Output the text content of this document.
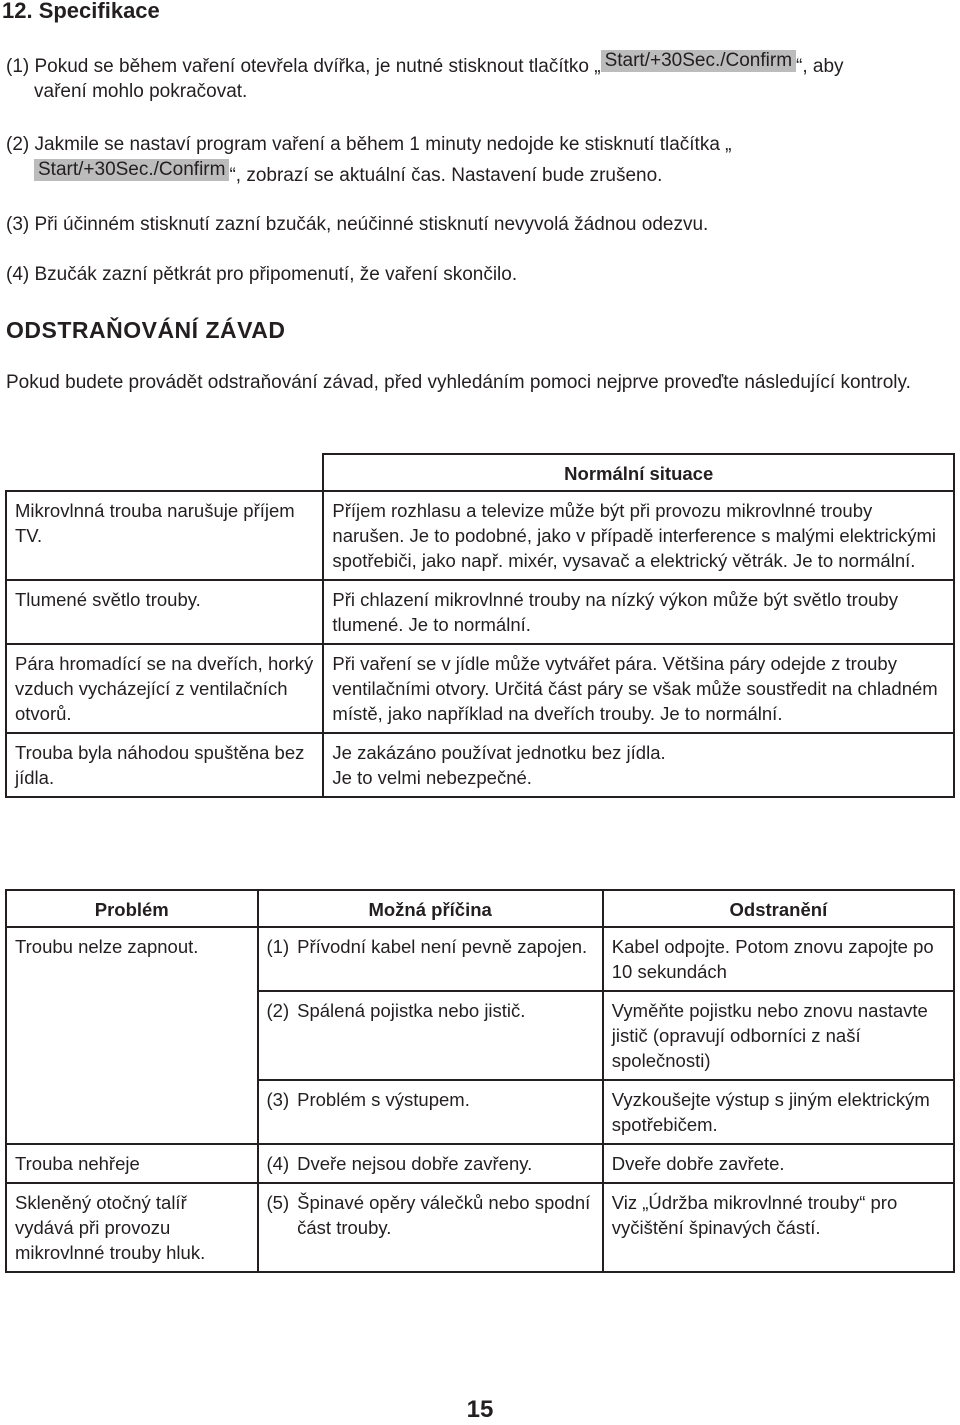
12. Specifikace
(1) Pokud se během vaření otevřela dvířka, je nutné stisknout tlačítko „ Start/+30Sec./Confirm “, aby
vaření mohlo pokračovat.
(2) Jakmile se nastaví program vaření a během 1 minuty nedojde ke stisknutí tlačítka „
Start/+30Sec./Confirm “, zobrazí se aktuální čas. Nastavení bude zrušeno.
(3) Při účinném stisknutí zazní bzučák, neúčinné stisknutí nevyvolá žádnou odezvu.
(4) Bzučák zazní pětkrát pro připomenutí, že vaření skončilo.
ODSTRAŇOVÁNÍ ZÁVAD
Pokud budete provádět odstraňování závad, před vyhledáním pomoci nejprve proveďte následující kontroly.
	Normální situace

Mikrovlnná trouba narušuje příjem TV.	Příjem rozhlasu a televize může být při provozu mikrovlnné trouby narušen. Je to podobné, jako v případě interference s malými elektrickými spotřebiči, jako např. mixér, vysavač a elektrický větrák. Je to normální.

Tlumené světlo trouby.	Při chlazení mikrovlnné trouby na nízký výkon může být světlo trouby tlumené. Je to normální.

Pára hromadící se na dveřích, horký vzduch vycházející z ventilačních otvorů.	Při vaření se v jídle může vytvářet pára. Většina páry odejde z trouby ventilačními otvory. Určitá část páry se však může soustředit na chladném místě, jako například na dveřích trouby. Je to normální.

Trouba byla náhodou spuštěna bez jídla.	Je zakázáno používat jednotku bez jídla.
Je to velmi nebezpečné.
Problém	Možná příčina	Odstranění

Troubu nelze zapnout.	(1) Přívodní kabel není pevně zapojen.	Kabel odpojte. Potom znovu zapojte po 10 sekundách

	(2) Spálená pojistka nebo jistič.	Vyměňte pojistku nebo znovu nastavte jistič (opravují odborníci z naší společnosti)

	(3) Problém s výstupem.	Vyzkoušejte výstup s jiným elektrickým spotřebičem.

Trouba nehřeje	(4) Dveře nejsou dobře zavřeny.	Dveře dobře zavřete.

Skleněný otočný talíř vydává při provozu mikrovlnné trouby hluk.	(5) Špinavé opěry válečků nebo spodní část trouby.	Viz „Údržba mikrovlnné trouby“ pro vyčištění špinavých částí.
15
